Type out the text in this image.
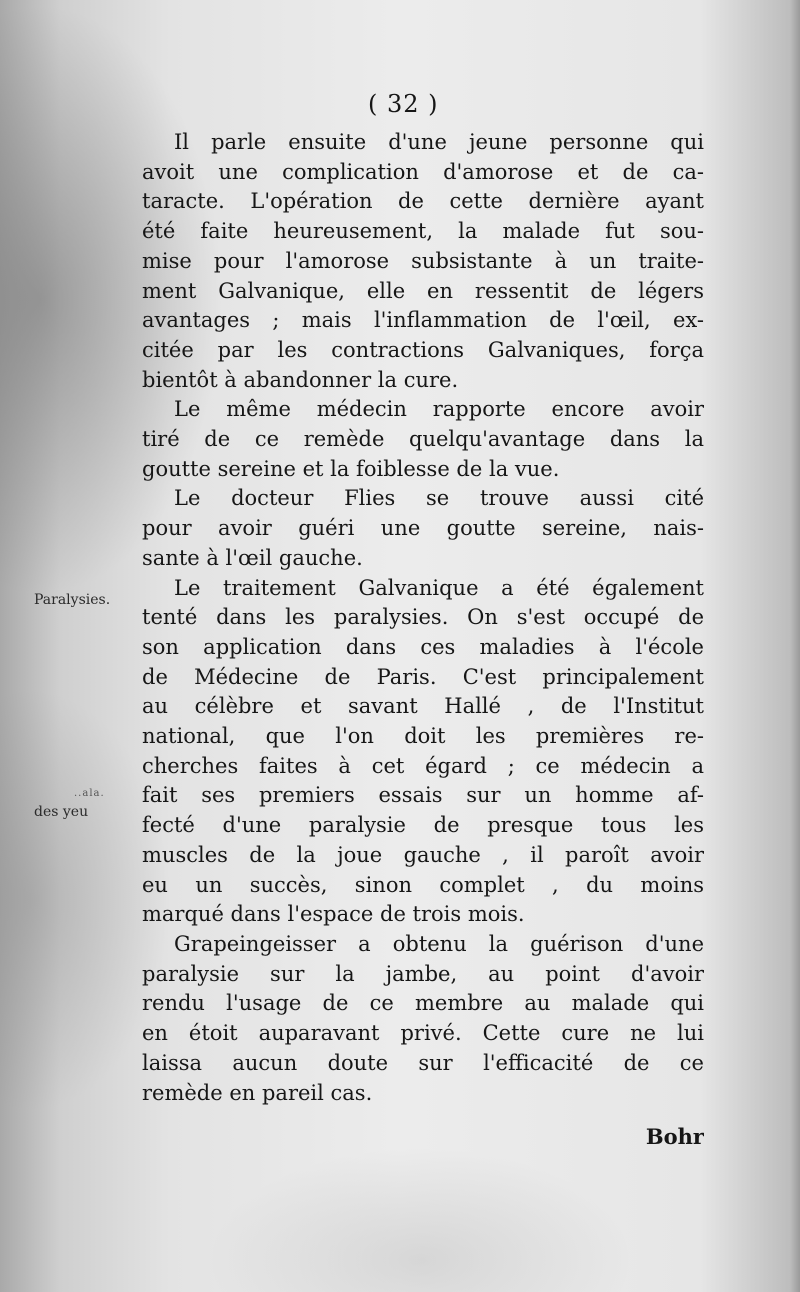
( 32 )
Paralysies.
..ala.
des yeu
Il parle ensuite d'une jeune personne qui
avoit une complication d'amorose et de ca-
taracte. L'opération de cette dernière ayant
été faite heureusement, la malade fut sou-
mise pour l'amorose subsistante à un traite-
ment Galvanique, elle en ressentit de légers
avantages ; mais l'inflammation de l'œil, ex-
citée par les contractions Galvaniques, força
bientôt à abandonner la cure.
Le même médecin rapporte encore avoir
tiré de ce remède quelqu'avantage dans la
goutte sereine et la foiblesse de la vue.
Le docteur Flies se trouve aussi cité
pour avoir guéri une goutte sereine, nais-
sante à l'œil gauche.
Le traitement Galvanique a été également
tenté dans les paralysies. On s'est occupé de
son application dans ces maladies à l'école
de Médecine de Paris. C'est principalement
au célèbre et savant Hallé , de l'Institut
national, que l'on doit les premières re-
cherches faites à cet égard ; ce médecin a
fait ses premiers essais sur un homme af-
fecté d'une paralysie de presque tous les
muscles de la joue gauche , il paroît avoir
eu un succès, sinon complet , du moins
marqué dans l'espace de trois mois.
Grapeingeisser a obtenu la guérison d'une
paralysie sur la jambe, au point d'avoir
rendu l'usage de ce membre au malade qui
en étoit auparavant privé. Cette cure ne lui
laissa aucun doute sur l'efficacité de ce
remède en pareil cas.
Bohr
